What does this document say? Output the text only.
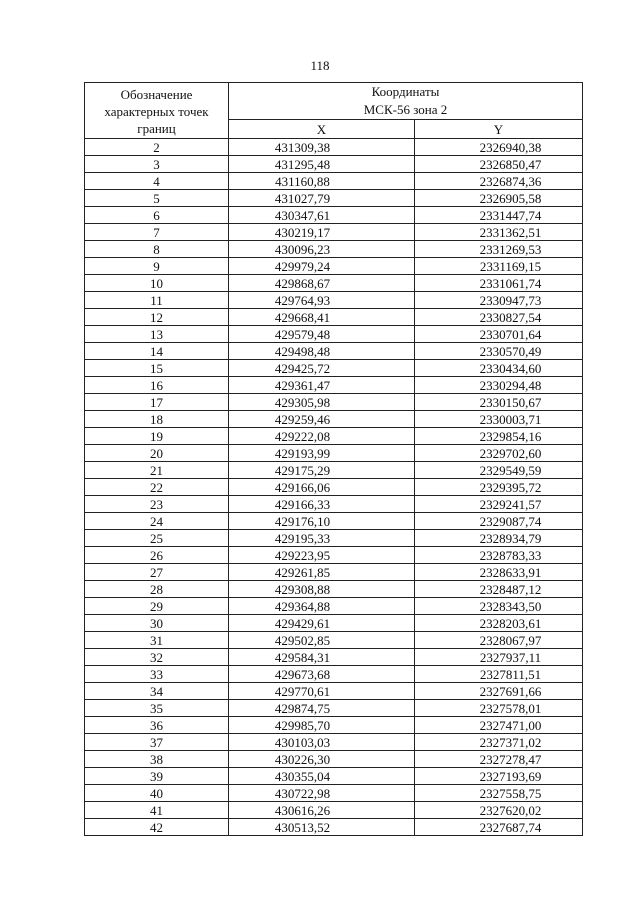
118
Обозначение
характерных точек
границ	Координаты
МСК-56 зона 2	
	X	Y
2	431309,38	2326940,38
3	431295,48	2326850,47
4	431160,88	2326874,36
5	431027,79	2326905,58
6	430347,61	2331447,74
7	430219,17	2331362,51
8	430096,23	2331269,53
9	429979,24	2331169,15
10	429868,67	2331061,74
11	429764,93	2330947,73
12	429668,41	2330827,54
13	429579,48	2330701,64
14	429498,48	2330570,49
15	429425,72	2330434,60
16	429361,47	2330294,48
17	429305,98	2330150,67
18	429259,46	2330003,71
19	429222,08	2329854,16
20	429193,99	2329702,60
21	429175,29	2329549,59
22	429166,06	2329395,72
23	429166,33	2329241,57
24	429176,10	2329087,74
25	429195,33	2328934,79
26	429223,95	2328783,33
27	429261,85	2328633,91
28	429308,88	2328487,12
29	429364,88	2328343,50
30	429429,61	2328203,61
31	429502,85	2328067,97
32	429584,31	2327937,11
33	429673,68	2327811,51
34	429770,61	2327691,66
35	429874,75	2327578,01
36	429985,70	2327471,00
37	430103,03	2327371,02
38	430226,30	2327278,47
39	430355,04	2327193,69
40	430722,98	2327558,75
41	430616,26	2327620,02
42	430513,52	2327687,74
